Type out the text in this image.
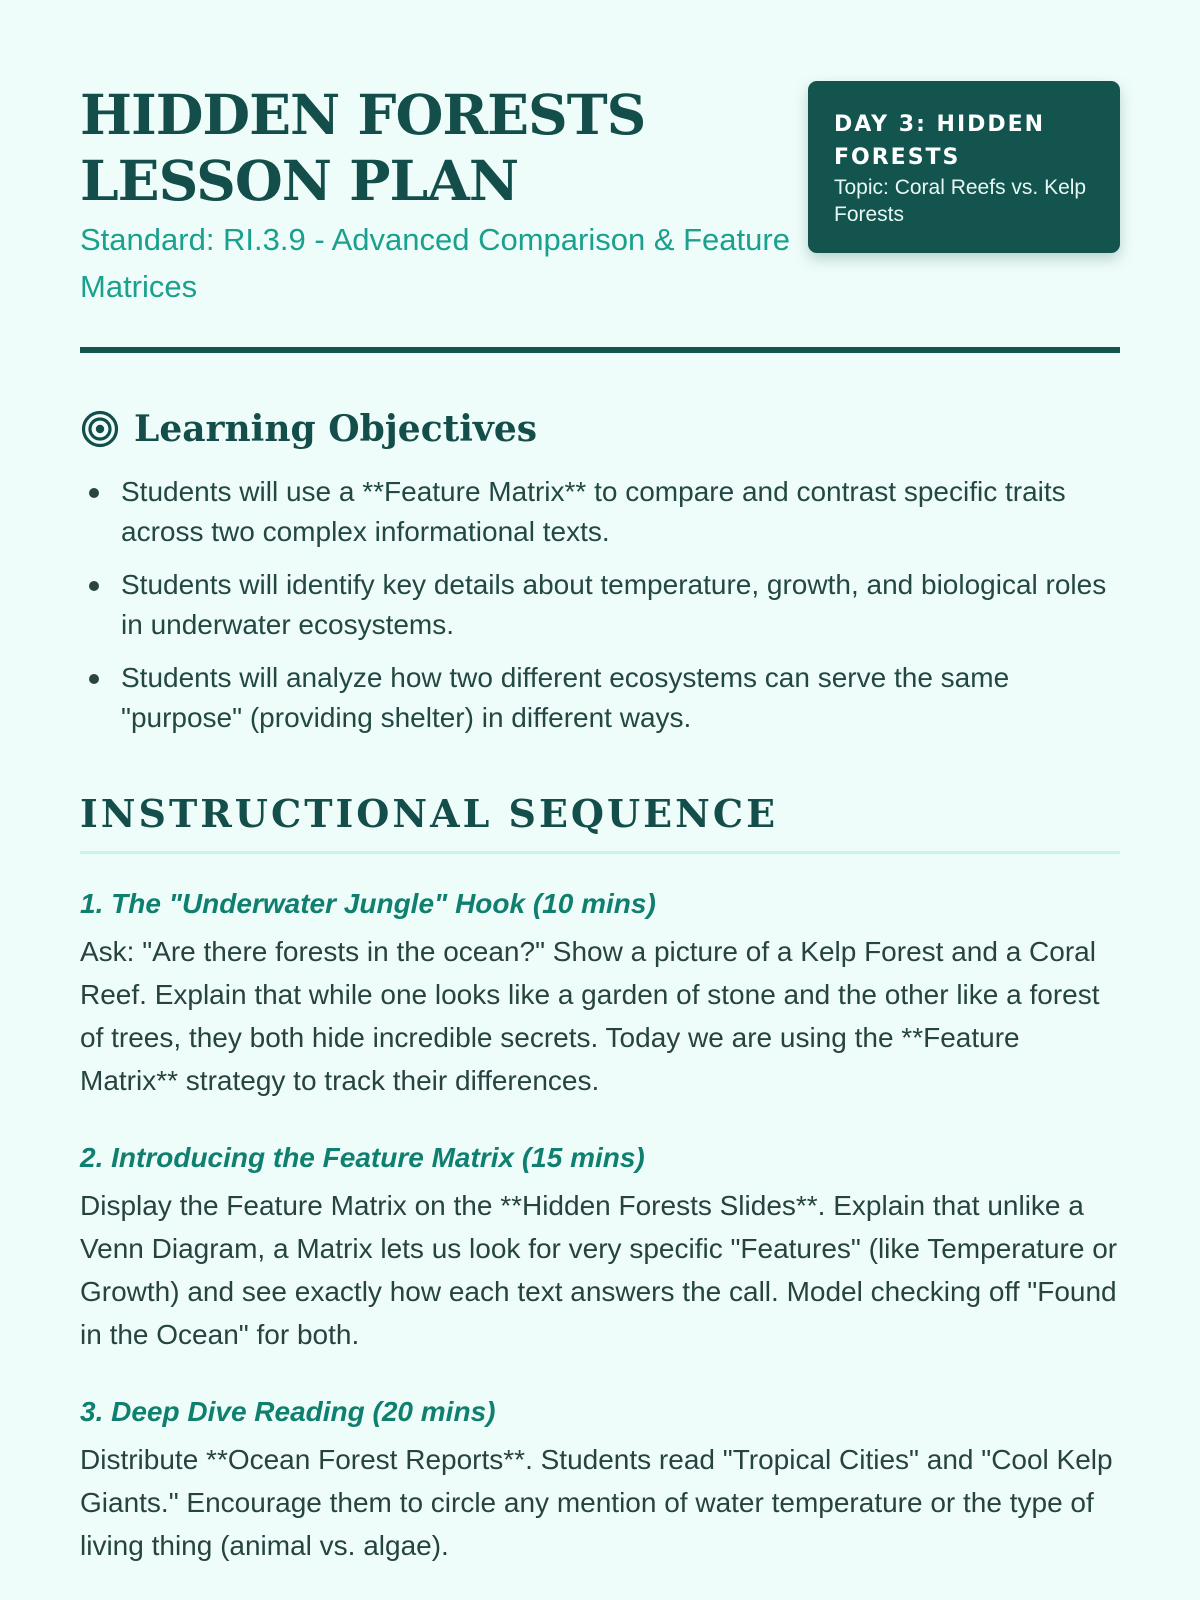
HIDDEN FORESTS
LESSON PLAN

Standard: RI.3.9 - Advanced Comparison & Feature Matrices

DAY 3: HIDDEN FORESTS
Topic: Coral Reefs vs. Kelp Forests
Learning Objectives
Students will use a **Feature Matrix** to compare and contrast specific traits across two complex informational texts.
Students will identify key details about temperature, growth, and biological roles in underwater ecosystems.
Students will analyze how two different ecosystems can serve the same "purpose" (providing shelter) in different ways.
INSTRUCTIONAL SEQUENCE
1. The "Underwater Jungle" Hook (10 mins)

Ask: "Are there forests in the ocean?" Show a picture of a Kelp Forest and a Coral Reef. Explain that while one looks like a garden of stone and the other like a forest of trees, they both hide incredible secrets. Today we are using the **Feature Matrix** strategy to track their differences.

2. Introducing the Feature Matrix (15 mins)

Display the Feature Matrix on the **Hidden Forests Slides**. Explain that unlike a Venn Diagram, a Matrix lets us look for very specific "Features" (like Temperature or Growth) and see exactly how each text answers the call. Model checking off "Found in the Ocean" for both.

3. Deep Dive Reading (20 mins)

Distribute **Ocean Forest Reports**. Students read "Tropical Cities" and "Cool Kelp Giants." Encourage them to circle any mention of water temperature or the type of living thing (animal vs. algae).
